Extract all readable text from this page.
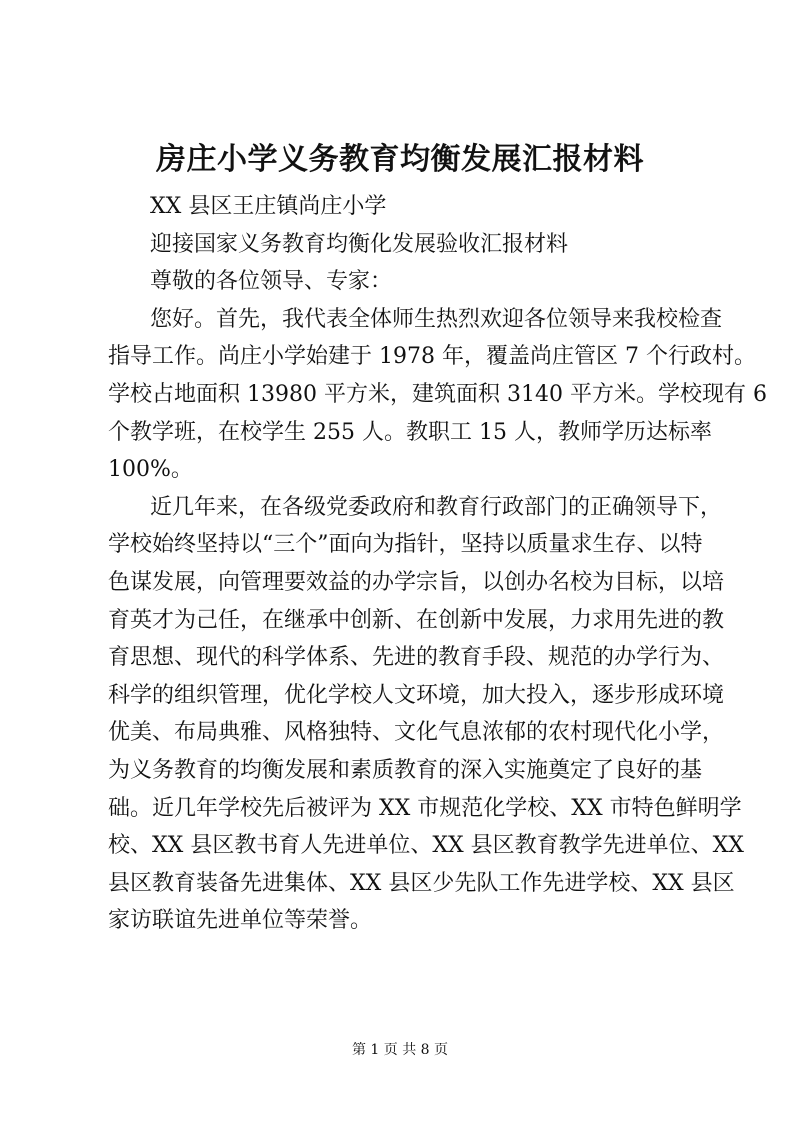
房庄小学义务教育均衡发展汇报材料
XX 县区王庄镇尚庄小学
迎接国家义务教育均衡化发展验收汇报材料
尊敬的各位领导、专家：
您好。首先，我代表全体师生热烈欢迎各位领导来我校检查
指导工作。尚庄小学始建于 1978 年，覆盖尚庄管区 7 个行政村。
学校占地面积 13980 平方米，建筑面积 3140 平方米。学校现有 6
个教学班，在校学生 255 人。教职工 15 人，教师学历达标率
100%。
近几年来，在各级党委政府和教育行政部门的正确领导下，
学校始终坚持以“三个”面向为指针，坚持以质量求生存、以特
色谋发展，向管理要效益的办学宗旨，以创办名校为目标，以培
育英才为己任，在继承中创新、在创新中发展，力求用先进的教
育思想、现代的科学体系、先进的教育手段、规范的办学行为、
科学的组织管理，优化学校人文环境，加大投入，逐步形成环境
优美、布局典雅、风格独特、文化气息浓郁的农村现代化小学，
为义务教育的均衡发展和素质教育的深入实施奠定了良好的基
础。近几年学校先后被评为 XX 市规范化学校、XX 市特色鲜明学
校、XX 县区教书育人先进单位、XX 县区教育教学先进单位、XX
县区教育装备先进集体、XX 县区少先队工作先进学校、XX 县区
家访联谊先进单位等荣誉。
第 1 页 共 8 页
